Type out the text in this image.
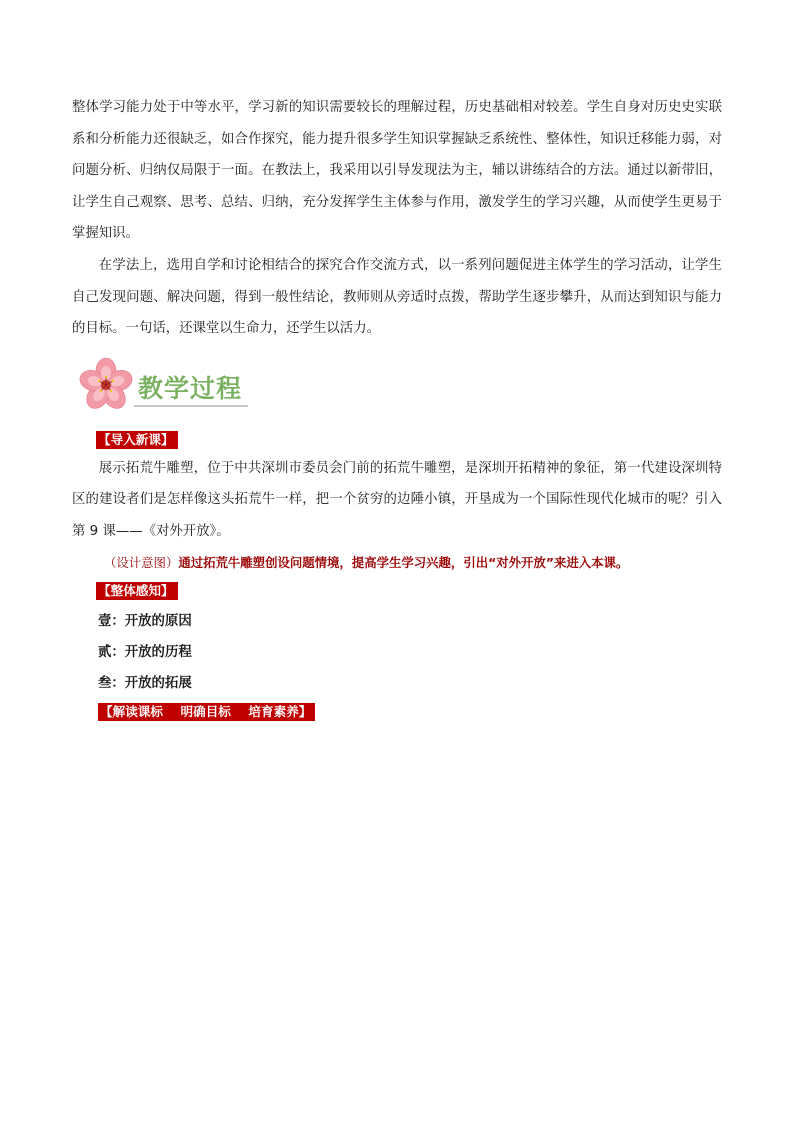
整体学习能力处于中等水平，学习新的知识需要较长的理解过程，历史基础相对较差。学生自身对历史史实联系和分析能力还很缺乏，如合作探究，能力提升很多学生知识掌握缺乏系统性、整体性，知识迁移能力弱，对问题分析、归纳仅局限于一面。在教法上，我采用以引导发现法为主，辅以讲练结合的方法。通过以新带旧，让学生自己观察、思考、总结、归纳，充分发挥学生主体参与作用，激发学生的学习兴趣，从而使学生更易于掌握知识。

在学法上，选用自学和讨论相结合的探究合作交流方式，以一系列问题促进主体学生的学习活动，让学生自己发现问题、解决问题，得到一般性结论，教师则从旁适时点拨，帮助学生逐步攀升，从而达到知识与能力的目标。一句话，还课堂以生命力，还学生以活力。

教学过程
【导入新课】

展示拓荒牛雕塑，位于中共深圳市委员会门前的拓荒牛雕塑，是深圳开拓精神的象征，第一代建设深圳特区的建设者们是怎样像这头拓荒牛一样，把一个贫穷的边陲小镇，开垦成为一个国际性现代化城市的呢？引入第 9 课——《对外开放》。

（设计意图）通过拓荒牛雕塑创设问题情境，提高学生学习兴趣，引出“对外开放”来进入本课。

【整体感知】
壹：开放的原因
贰：开放的历程
叁：开放的拓展
【解读课标    明确目标    培育素养】
